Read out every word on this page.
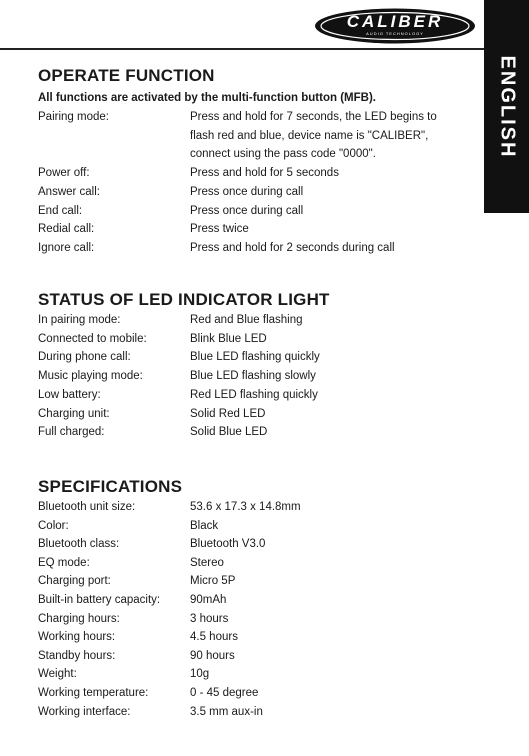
CALIBER
AUDIO TECHNOLOGY
ENGLISH
OPERATE FUNCTION
All functions are activated by the multi-function button (MFB).
Pairing mode:	Press and hold for 7 seconds, the LED begins to
flash red and blue, device name is "CALIBER",
connect using the pass code "0000".
Power off:	Press and hold for 5 seconds
Answer call:	Press once during call
End call:	Press once during call
Redial call:	Press twice
Ignore call:	Press and hold for 2 seconds during call
STATUS OF LED INDICATOR LIGHT
In pairing mode:	Red and Blue flashing
Connected to mobile:	Blink Blue LED
During phone call:	Blue LED flashing quickly
Music playing mode:	Blue LED flashing slowly
Low battery:	Red LED flashing quickly
Charging unit:	Solid Red LED
Full charged:	Solid Blue LED
SPECIFICATIONS
Bluetooth unit size:	53.6 x 17.3 x 14.8mm
Color:	Black
Bluetooth class:	Bluetooth V3.0
EQ mode:	Stereo
Charging port:	Micro 5P
Built-in battery capacity:	90mAh
Charging hours:	3 hours
Working hours:	4.5 hours
Standby hours:	90 hours
Weight:	10g
Working temperature:	0 - 45 degree
Working interface:	3.5 mm aux-in
